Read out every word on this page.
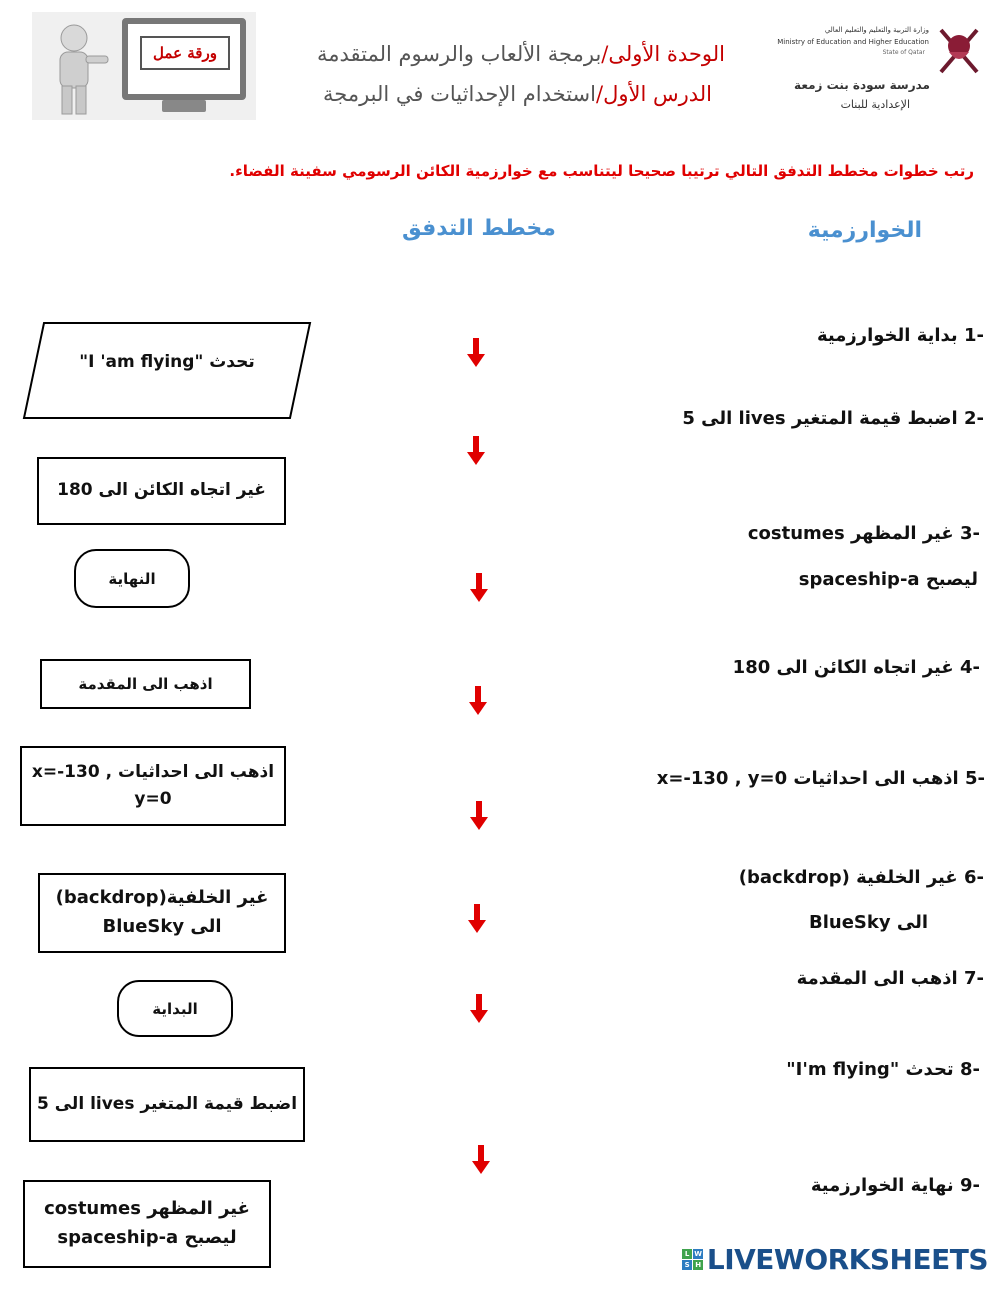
ورقة عمل	الوحدة الأولى/برمجة الألعاب والرسوم المتقدمة
الدرس الأول/استخدام الإحداثيات في البرمجة
وزارة التربية والتعليم والتعليم العالي
Ministry of Education and Higher Education
State of Qatar
مدرسة سودة بنت زمعة
الإعدادية للبنات
رتب خطوات مخطط التدفق التالي ترتيبا صحيحا ليتناسب مع خوارزمية الكائن الرسومي سفينة الفضاء.
مخطط التدفق	الخوارزمية
-1 بداية الخوارزمية
-2 اضبط قيمة المتغير lives الى 5
-3 غير المظهر costumes
ليصبح spaceship-a
-4 غير اتجاه الكائن الى 180
-5 اذهب الى احداثيات x=-130 , y=0
-6 غير الخلفية (backdrop)
الى BlueSky
-7 اذهب الى المقدمة
-8 تحدث "I'm flying"
-9 نهاية الخوارزمية
تحدث "I 'am flying"
غير اتجاه الكائن الى 180
النهاية
اذهب الى المقدمة
اذهب الى احداثيات , x=-130
y=0
غير الخلفية(backdrop)
الى BlueSky
البداية
اضبط قيمة المتغير lives الى 5
غير المظهر costumes
ليصبح spaceship-a
L W
S H LIVEWORKSHEETS
